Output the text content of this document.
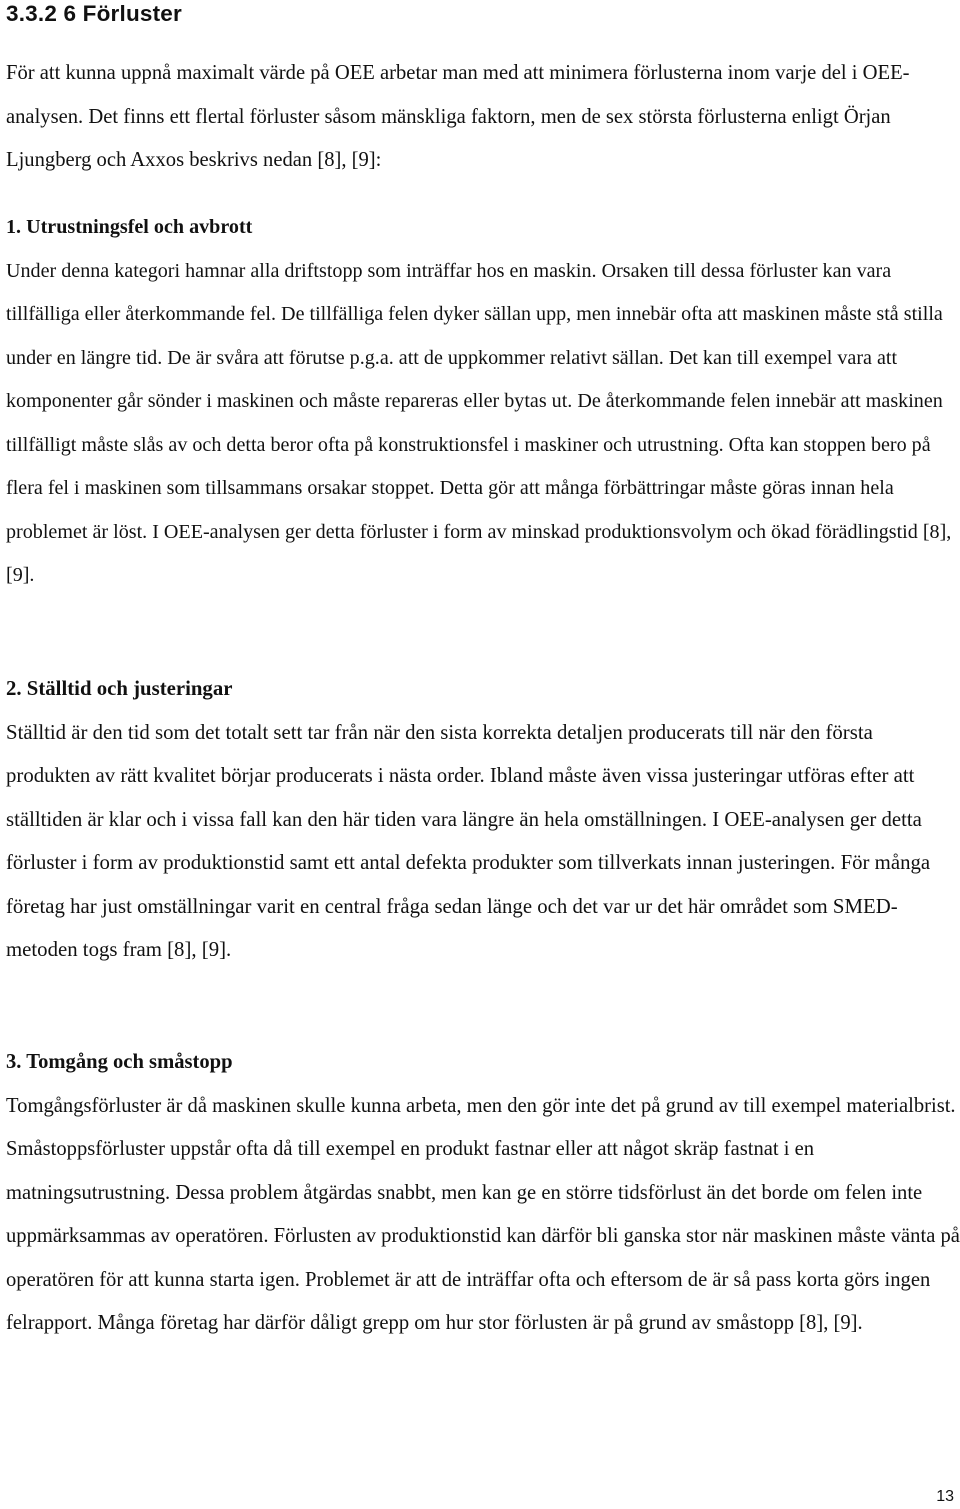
3.3.2 6 Förluster

För att kunna uppnå maximalt värde på OEE arbetar man med att minimera förlusterna inom varje del i OEE-analysen. Det finns ett flertal förluster såsom mänskliga faktorn, men de sex största förlusterna enligt Örjan Ljungberg och Axxos beskrivs nedan [8], [9]:

1. Utrustningsfel och avbrott

Under denna kategori hamnar alla driftstopp som inträffar hos en maskin. Orsaken till dessa förluster kan vara tillfälliga eller återkommande fel. De tillfälliga felen dyker sällan upp, men innebär ofta att maskinen måste stå stilla under en längre tid. De är svåra att förutse p.g.a. att de uppkommer relativt sällan. Det kan till exempel vara att komponenter går sönder i maskinen och måste repareras eller bytas ut. De återkommande felen innebär att maskinen tillfälligt måste slås av och detta beror ofta på konstruktionsfel i maskiner och utrustning. Ofta kan stoppen bero på flera fel i maskinen som tillsammans orsakar stoppet. Detta gör att många förbättringar måste göras innan hela problemet är löst. I OEE-analysen ger detta förluster i form av minskad produktionsvolym och ökad förädlingstid [8], [9].

2. Ställtid och justeringar

Ställtid är den tid som det totalt sett tar från när den sista korrekta detaljen producerats till när den första produkten av rätt kvalitet börjar producerats i nästa order. Ibland måste även vissa justeringar utföras efter att ställtiden är klar och i vissa fall kan den här tiden vara längre än hela omställningen. I OEE-analysen ger detta förluster i form av produktionstid samt ett antal defekta produkter som tillverkats innan justeringen. För många företag har just omställningar varit en central fråga sedan länge och det var ur det här området som SMED-metoden togs fram [8], [9].

3. Tomgång och småstopp

Tomgångsförluster är då maskinen skulle kunna arbeta, men den gör inte det på grund av till exempel materialbrist. Småstoppsförluster uppstår ofta då till exempel en produkt fastnar eller att något skräp fastnat i en matningsutrustning. Dessa problem åtgärdas snabbt, men kan ge en större tidsförlust än det borde om felen inte uppmärksammas av operatören. Förlusten av produktionstid kan därför bli ganska stor när maskinen måste vänta på operatören för att kunna starta igen. Problemet är att de inträffar ofta och eftersom de är så pass korta görs ingen felrapport. Många företag har därför dåligt grepp om hur stor förlusten är på grund av småstopp [8], [9].

13
